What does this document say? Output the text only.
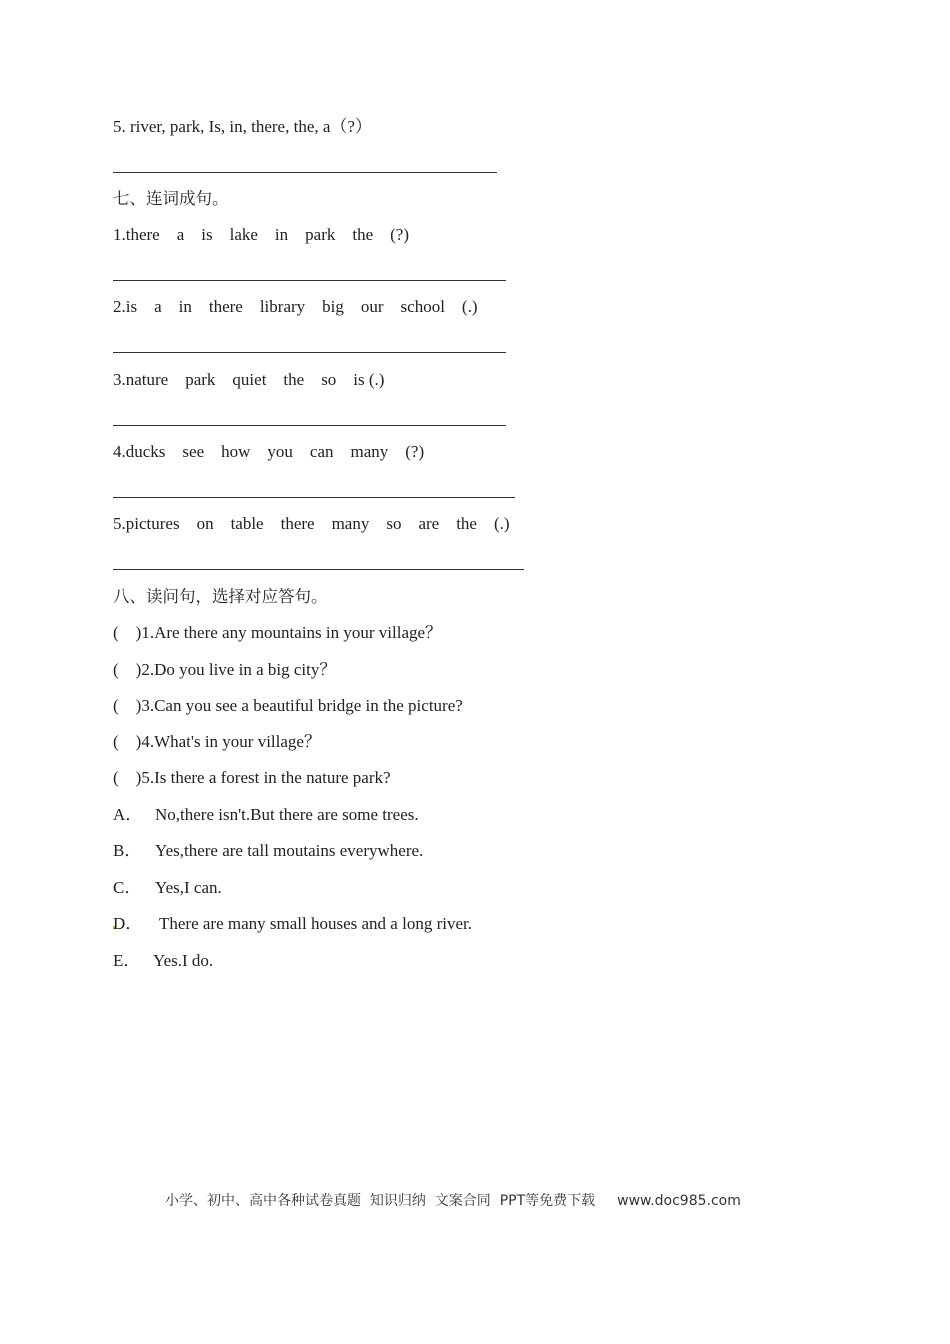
5. river, park, Is, in, there, the, a（?）
七、连词成句。
1.there    a    is    lake    in    park    the    (?)
2.is    a    in    there    library    big    our    school    (.)
3.nature    park    quiet    the    so    is (.)
4.ducks    see    how    you    can    many    (?)
5.pictures    on    table    there    many    so    are    the    (.)
八、读问句，选择对应答句。
(    )1.Are there any mountains in your village？
(    )2.Do you live in a big city？
(    )3.Can you see a beautiful bridge in the picture?
(    )4.What's in your village？
(    )5.Is there a forest in the nature park?
A． No,there isn't.But there are some trees.
B． Yes,there are tall moutains everywhere.
C． Yes,I can.
D． There are many small houses and a long river.
E． Yes.I do.
小学、初中、高中各种试卷真题  知识归纳  文案合同  PPT等免费下载 www.doc985.com
